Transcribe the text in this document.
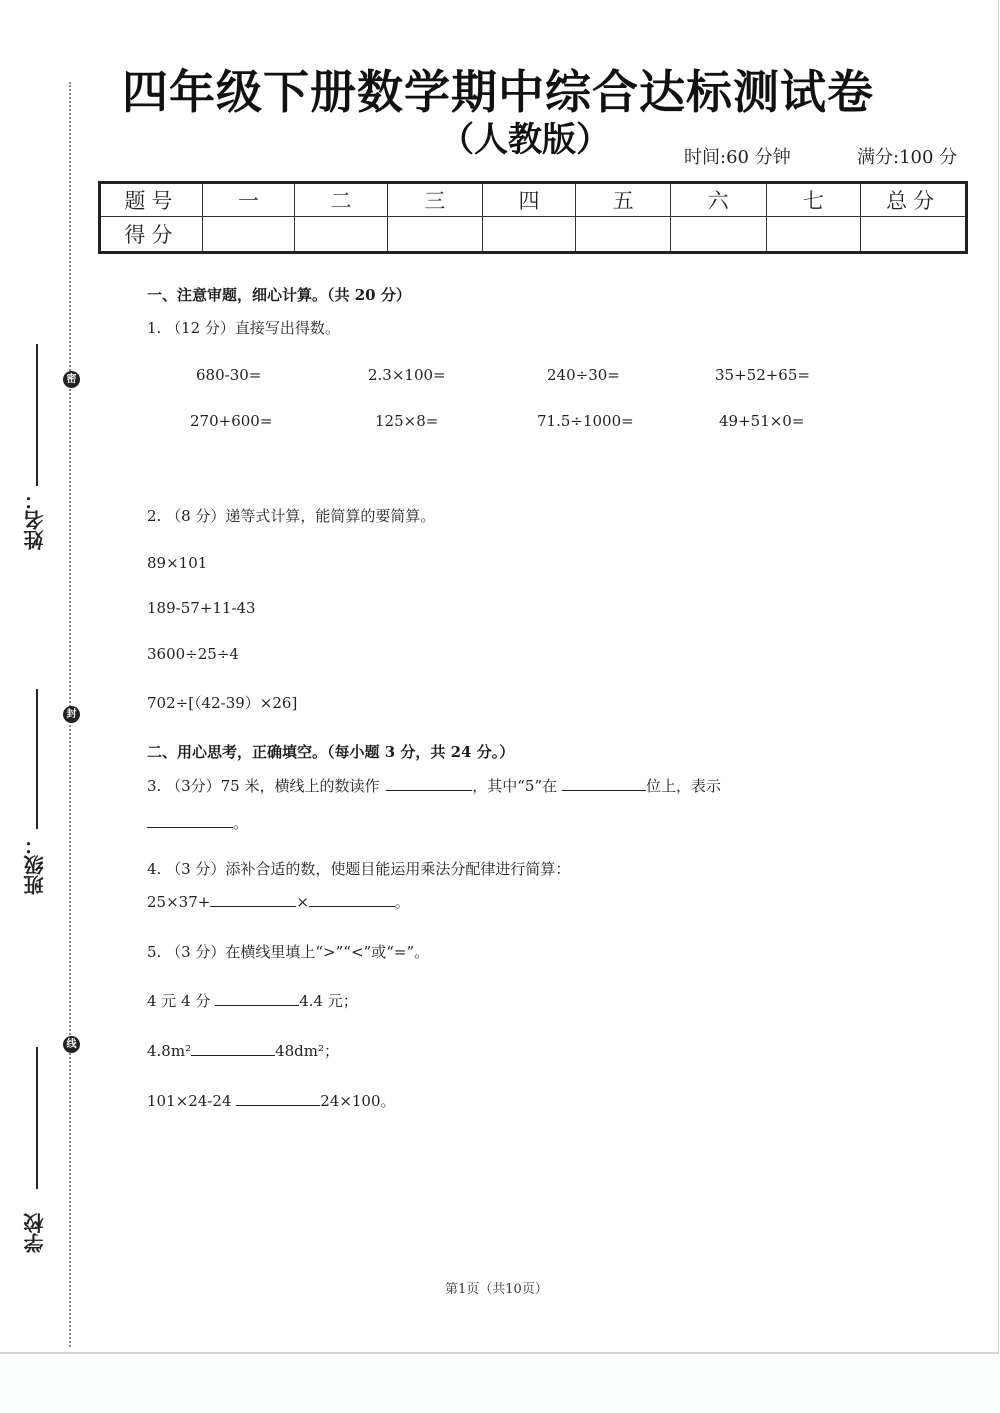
密
封
线
姓名：
班级：
学校
四年级下册数学期中综合达标测试卷
（人教版）	时间:60 分钟	满分:100 分
题号	一	二	三	四	五	六	七	总分
得分								
一、注意审题，细心计算。（共 20 分）
1. （12 分）直接写出得数。
680-30=	2.3×100=	240÷30=	35+52+65=
270+600=	125×8=	71.5÷1000=	49+51×0=
2. （8 分）递等式计算，能简算的要简算。
89×101
189-57+11-43
3600÷25÷4
702÷[（42-39）×26]
二、用心思考，正确填空。（每小题 3 分，共 24 分。）
3. （3分）75 米，横线上的数读作	，其中“5”在	位上，表示
。
4. （3 分）添补合适的数，使题目能运用乘法分配律进行简算：
25×37+	×	。
5. （3 分）在横线里填上“>”“<”或“=”。
4 元 4 分	4.4 元；
4.8m²	48dm²；
101×24-24	24×100。
第1页（共10页）
